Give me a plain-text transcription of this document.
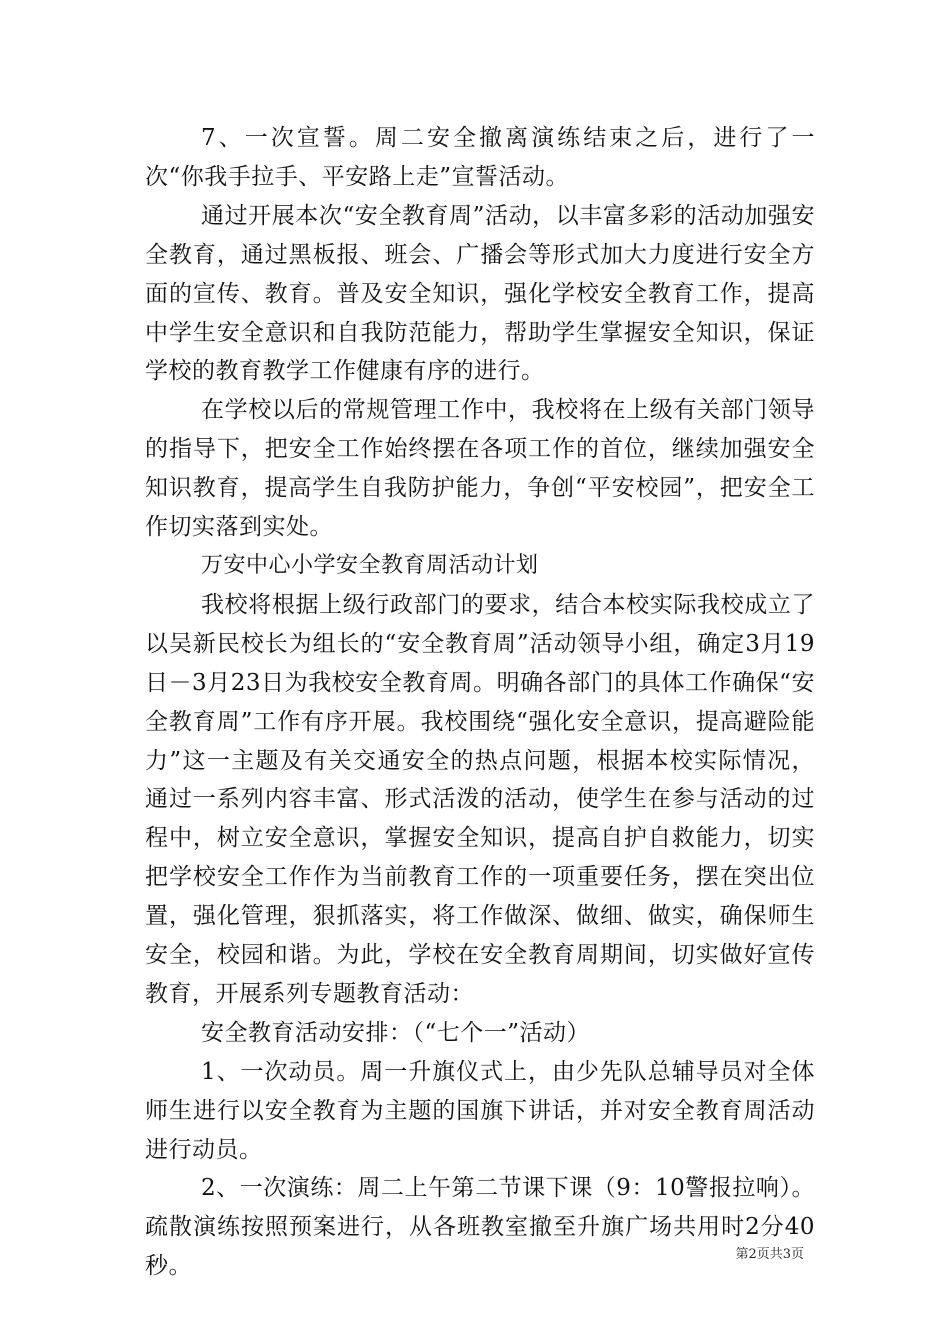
7、一次宣誓。周二安全撤离演练结束之后，进行了一次“你我手拉手、平安路上走”宣誓活动。

通过开展本次“安全教育周”活动，以丰富多彩的活动加强安全教育，通过黑板报、班会、广播会等形式加大力度进行安全方面的宣传、教育。普及安全知识，强化学校安全教育工作，提高中学生安全意识和自我防范能力，帮助学生掌握安全知识，保证学校的教育教学工作健康有序的进行。

在学校以后的常规管理工作中，我校将在上级有关部门领导的指导下，把安全工作始终摆在各项工作的首位，继续加强安全知识教育，提高学生自我防护能力，争创“平安校园”，把安全工作切实落到实处。

万安中心小学安全教育周活动计划

我校将根据上级行政部门的要求，结合本校实际我校成立了以吴新民校长为组长的“安全教育周”活动领导小组，确定3月19日－3月23日为我校安全教育周。明确各部门的具体工作确保“安全教育周”工作有序开展。我校围绕“强化安全意识，提高避险能力”这一主题及有关交通安全的热点问题，根据本校实际情况，通过一系列内容丰富、形式活泼的活动，使学生在参与活动的过程中，树立安全意识，掌握安全知识，提高自护自救能力，切实把学校安全工作作为当前教育工作的一项重要任务，摆在突出位置，强化管理，狠抓落实，将工作做深、做细、做实，确保师生安全，校园和谐。为此，学校在安全教育周期间，切实做好宣传教育，开展系列专题教育活动：

安全教育活动安排：（“七个一”活动）

1、一次动员。周一升旗仪式上，由少先队总辅导员对全体师生进行以安全教育为主题的国旗下讲话，并对安全教育周活动进行动员。

2、一次演练：周二上午第二节课下课（9：10警报拉响）。疏散演练按照预案进行，从各班教室撤至升旗广场共用时2分40秒。	第2页共3页
